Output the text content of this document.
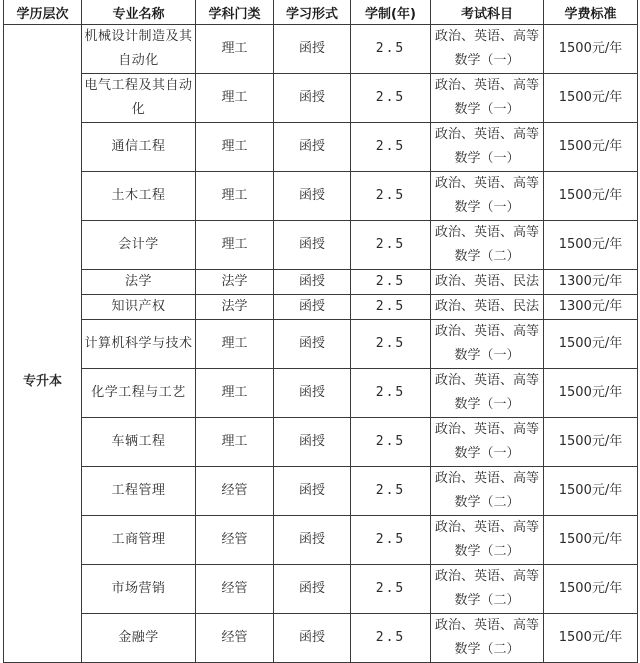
学历层次	专业名称	学科门类	学习形式	学制(年)	考试科目	学费标准
专升本	机械设计制造及其自动化	理工	函授	2.5	政治、英语、高等数学（一）	1500元/年
	电气工程及其自动化	理工	函授	2.5	政治、英语、高等数学（一）	1500元/年
	通信工程	理工	函授	2.5	政治、英语、高等数学（一）	1500元/年
	土木工程	理工	函授	2.5	政治、英语、高等数学（一）	1500元/年
	会计学	理工	函授	2.5	政治、英语、高等数学（二）	1500元/年
	法学	法学	函授	2.5	政治、英语、民法	1300元/年
	知识产权	法学	函授	2.5	政治、英语、民法	1300元/年
	计算机科学与技术	理工	函授	2.5	政治、英语、高等数学（一）	1500元/年
	化学工程与工艺	理工	函授	2.5	政治、英语、高等数学（一）	1500元/年
	车辆工程	理工	函授	2.5	政治、英语、高等数学（一）	1500元/年
	工程管理	经管	函授	2.5	政治、英语、高等数学（二）	1500元/年
	工商管理	经管	函授	2.5	政治、英语、高等数学（二）	1500元/年
	市场营销	经管	函授	2.5	政治、英语、高等数学（二）	1500元/年
	金融学	经管	函授	2.5	政治、英语、高等数学（二）	1500元/年
